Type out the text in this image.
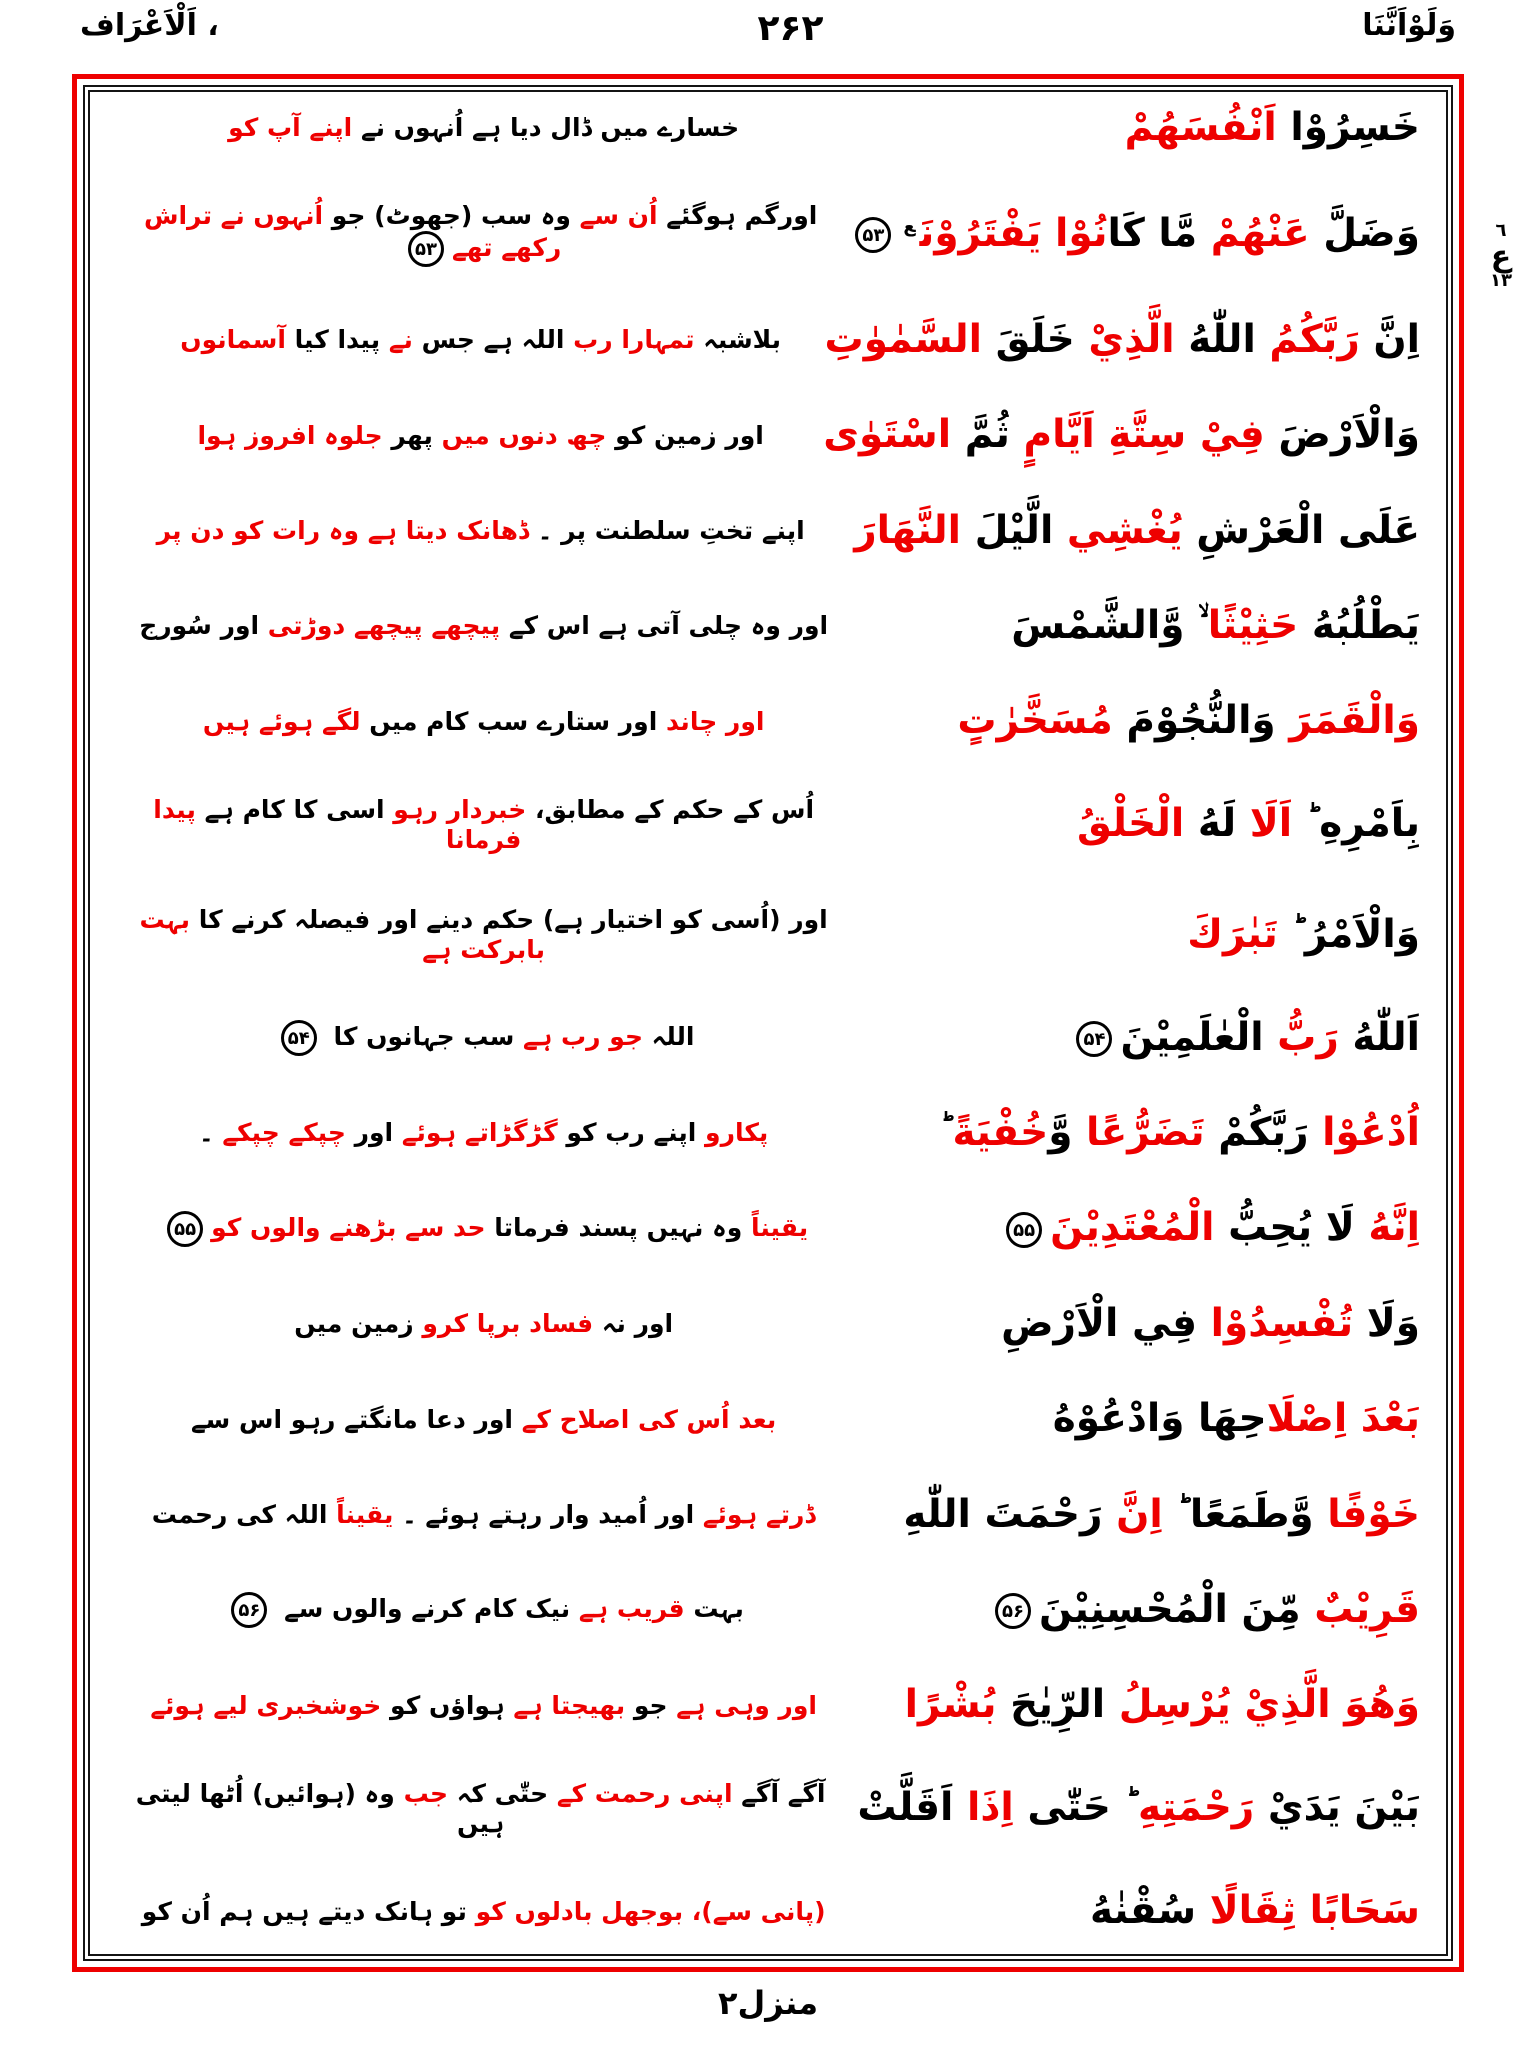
وَلَوْاَنَّنَا
۲۶۲
اَلْاَعْرَاف ،
خَسِرُوْا اَنْفُسَهُمْ
خسارے میں ڈال دیا ہے اُنہوں نے اپنے آپ کو
وَضَلَّ عَنْهُمْ مَّا كَانُوْا يَفْتَرُوْنَ$^ع$۵۳
اورگم ہوگئے اُن سے وہ سب (جھوٹ) جو اُنہوں نے تراش رکھے تھے۵۳
اِنَّ رَبَّكُمُ اللّٰهُ الَّذِيْ خَلَقَ السَّمٰوٰتِ
بلاشبہ تمہارا رب اللہ ہے جس نے پیدا کیا آسمانوں
وَالْاَرْضَ فِيْ سِتَّةِ اَيَّامٍ ثُمَّ اسْتَوٰى
اور زمین کو چھ دنوں میں پھر جلوہ افروز ہوا
عَلَى الْعَرْشِ يُغْشِي الَّيْلَ النَّهَارَ
اپنے تختِ سلطنت پر ۔ ڈھانک دیتا ہے وہ رات کو دن پر
يَطْلُبُهُ حَثِيْثًا ۙ وَّالشَّمْسَ
اور وہ چلی آتی ہے اس کے پیچھے پیچھے دوڑتی اور سُورج
وَالْقَمَرَ وَالنُّجُوْمَ مُسَخَّرٰتٍ
اور چاند اور ستارے سب کام میں لگے ہوئے ہیں
بِاَمْرِهِ ؕ اَلَا لَهُ الْخَلْقُ
اُس کے حکم کے مطابق، خبردار رہو اسی کا کام ہے پیدا فرمانا
وَالْاَمْرُ ؕ تَبٰرَكَ
اور (اُسی کو اختیار ہے) حکم دینے اور فیصلہ کرنے کا بہت بابرکت ہے
اَللّٰهُ رَبُّ الْعٰلَمِيْنَ۵۴
اللہ جو رب ہے سب جہانوں کا ۵۴
اُدْعُوْا رَبَّكُمْ تَضَرُّعًا وَّخُفْيَةً ؕ
پکارو اپنے رب کو گڑگڑاتے ہوئے اور چپکے چپکے ۔
اِنَّهُ لَا يُحِبُّ الْمُعْتَدِيْنَ۵۵
یقیناً وہ نہیں پسند فرماتا حد سے بڑھنے والوں کو۵۵
وَلَا تُفْسِدُوْا فِي الْاَرْضِ
اور نہ فساد برپا کرو زمین میں
بَعْدَ اِصْلَاحِهَا وَادْعُوْهُ
بعد اُس کی اصلاح کے اور دعا مانگتے رہو اس سے
خَوْفًا وَّطَمَعًا ؕ اِنَّ رَحْمَتَ اللّٰهِ
ڈرتے ہوئے اور اُمید وار رہتے ہوئے ۔ یقیناً اللہ کی رحمت
قَرِيْبٌ مِّنَ الْمُحْسِنِيْنَ۵۶
بہت قریب ہے نیک کام کرنے والوں سے ۵۶
وَهُوَ الَّذِيْ يُرْسِلُ الرِّيٰحَ بُشْرًا
اور وہی ہے جو بھیجتا ہے ہواؤں کو خوشخبری لیے ہوئے
بَيْنَ يَدَيْ رَحْمَتِهِ ؕ حَتّٰى اِذَا اَقَلَّتْ
آگے آگے اپنی رحمت کے حتّٰی کہ جب وہ (ہوائیں) اُٹھا لیتی ہیں
سَحَابًا ثِقَالًا سُقْنٰهُ
(پانی سے)، بوجھل بادلوں کو تو ہانک دیتے ہیں ہم اُن کو
٦
ع
١٣
منزل۲
